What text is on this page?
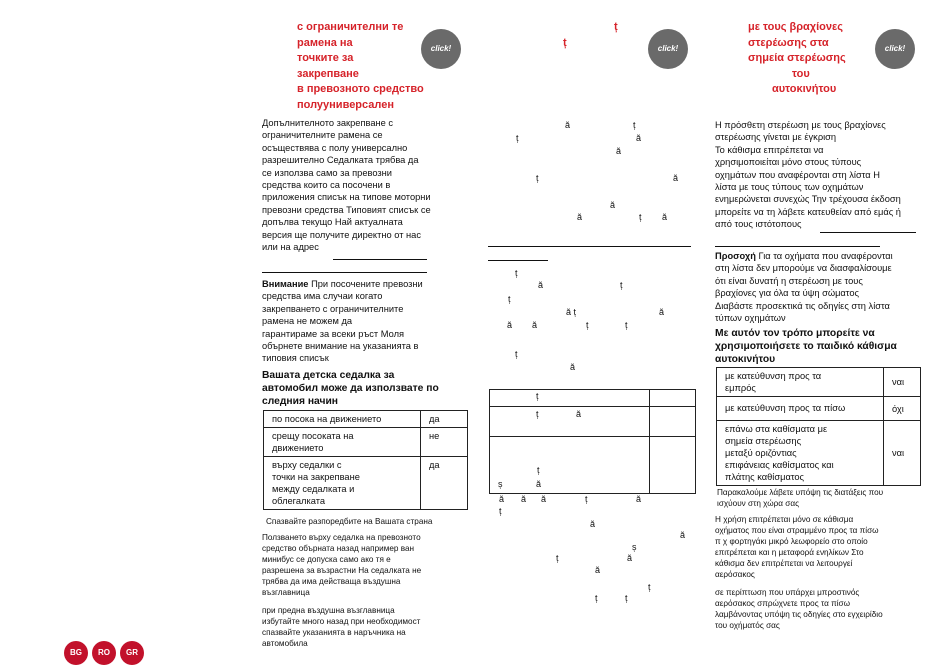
с ограничителни те
рамена на
точките за
закрепване
в превозното средство
полууниверсален
click!
Допълнителното закрепване с
ограничителните рамена се
осъществява с полу универсално
разрешително Седалката трябва да
се използва само за превозни
средства които са посочени в
приложения списък на типове моторни
превозни средства Типовият списък се
допълва текущо Най актуалната
версия ще получите директно от нас
или на адрес
Внимание При посочените превозни
средства има случаи когато
закрепването с ограничителните
рамена не можем да
гарантираме за всеки ръст Моля
обърнете внимание на указанията в
типовия списък
Вашата детска седалка за
автомобил може да използвате по
следния начин
по посока на движението	да

срещу посоката на
движението	не

върху седалки с
точки на закрепване
между седалката и
облегалката	да
Спазвайте разпоредбите на Вашата страна
Ползването върху седалка на превозното
средство обърната назад например ван
минибус се допуска само ако тя е
разрешена за възрастни На седалката не
трябва да има действаща въздушна
възглавница
при предна въздушна възглавница
избутайте много назад при необходимост
спазвайте указанията в наръчника на
автомобила
ț
ț	click!
ă	ț
ț	ă
ă
ț	ă
ă
ă	ț ă
ț
ă	ț
ț
ă ț	ă
ă ă	ț	ț
ț
ă
ț
ț	ă
ț
ș	ă
ă ă ă	ț	ă
ț
ă
ă
ș
ț	ă
ă
ț
ț	ț
με τους βραχίονες
στερέωσης στα
σημεία στερέωσης
του
αυτοκινήτου
click!
Η πρόσθετη στερέωση με τους βραχίονες
στερέωσης γίνεται με έγκριση
Το κάθισμα επιτρέπεται να
χρησιμοποιείται μόνο στους τύπους
οχημάτων που αναφέρονται στη λίστα Η
λίστα με τους τύπους των οχημάτων
ενημερώνεται συνεχώς Την τρέχουσα έκδοση
μπορείτε να τη λάβετε κατευθείαν από εμάς ή
από τους ιστότοπους
Προσοχή Για τα οχήματα που αναφέρονται
στη λίστα δεν μπορούμε να διασφαλίσουμε
ότι είναι δυνατή η στερέωση με τους
βραχίονες για όλα τα ύψη σώματος
Διαβάστε προσεκτικά τις οδηγίες στη λίστα
τύπων οχημάτων
Με αυτόν τον τρόπο μπορείτε να
χρησιμοποιήσετε το παιδικό κάθισμα
αυτοκινήτου
με κατεύθυνση προς τα
εμπρός	ναι

με κατεύθυνση προς τα πίσω	όχι

επάνω στα καθίσματα με
σημεία στερέωσης
μεταξύ οριζόντιας
επιφάνειας καθίσματος και
πλάτης καθίσματος	ναι
Παρακαλούμε λάβετε υπόψη τις διατάξεις που
ισχύουν στη χώρα σας
Η χρήση επιτρέπεται μόνο σε κάθισμα
οχήματος που είναι στραμμένο προς τα πίσω
π χ φορτηγάκι μικρό λεωφορείο στο οποίο
επιτρέπεται και η μεταφορά ενηλίκων Στο
κάθισμα δεν επιτρέπεται να λειτουργεί
αερόσακος
σε περίπτωση που υπάρχει μπροστινός
αερόσακος σπρώχνετε προς τα πίσω
λαμβάνοντας υπόψη τις οδηγίες στο εγχειρίδιο
του οχήματός σας
BG	RO	GR
